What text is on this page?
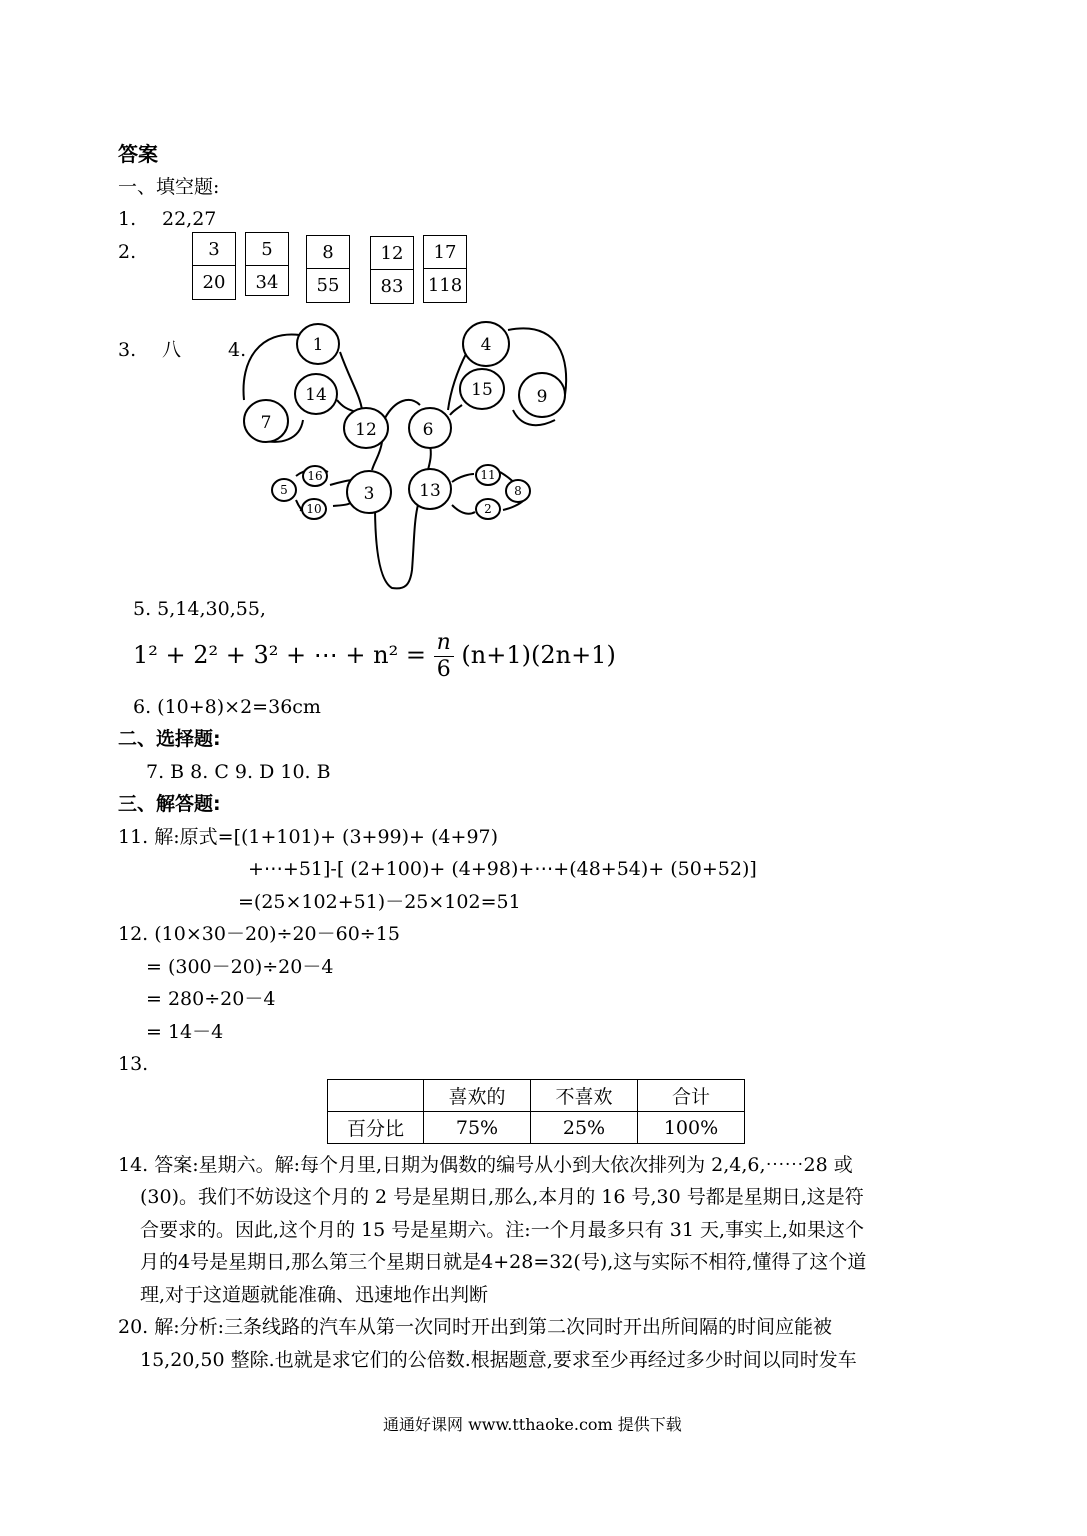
答案
一、填空题:
1. 22,27
2.	3
20
5
34
8
55
12
83
17
118
3. 八 4.	1	4
14	15
7
9
12	6
3	13
16	11
5	8
10	2
5. 5,14,30,55,
1² + 2² + 3² + ⋯ + $n^2 = \frac{n}{6} (n+1)(2n+1)$
6. (10+8)×2=36cm
二、选择题:
7. B 8. C 9. D 10. B
三、解答题:
11. 解:原式=[(1+101)+ (3+99)+ (4+97)
+⋯+51]-[ (2+100)+ (4+98)+⋯+(48+54)+ (50+52)]
=(25×102+51)－25×102=51
12. (10×30－20)÷20－60÷15
= (300－20)÷20－4
= 280÷20－4
= 14－4
13.
	喜欢的	不喜欢	合计
百分比	75%	25%	100%
14. 答案:星期六。解:每个月里,日期为偶数的编号从小到大依次排列为 2,4,6,⋯⋯28 或
(30)。我们不妨设这个月的 2 号是星期日,那么,本月的 16 号,30 号都是星期日,这是符
合要求的。因此,这个月的 15 号是星期六。注:一个月最多只有 31 天,事实上,如果这个
月的4号是星期日,那么第三个星期日就是4+28=32(号),这与实际不相符,懂得了这个道
理,对于这道题就能准确、迅速地作出判断
20. 解:分析:三条线路的汽车从第一次同时开出到第二次同时开出所间隔的时间应能被
15,20,50 整除.也就是求它们的公倍数.根据题意,要求至少再经过多少时间以同时发车
通通好课网 www.tthaoke.com 提供下载
